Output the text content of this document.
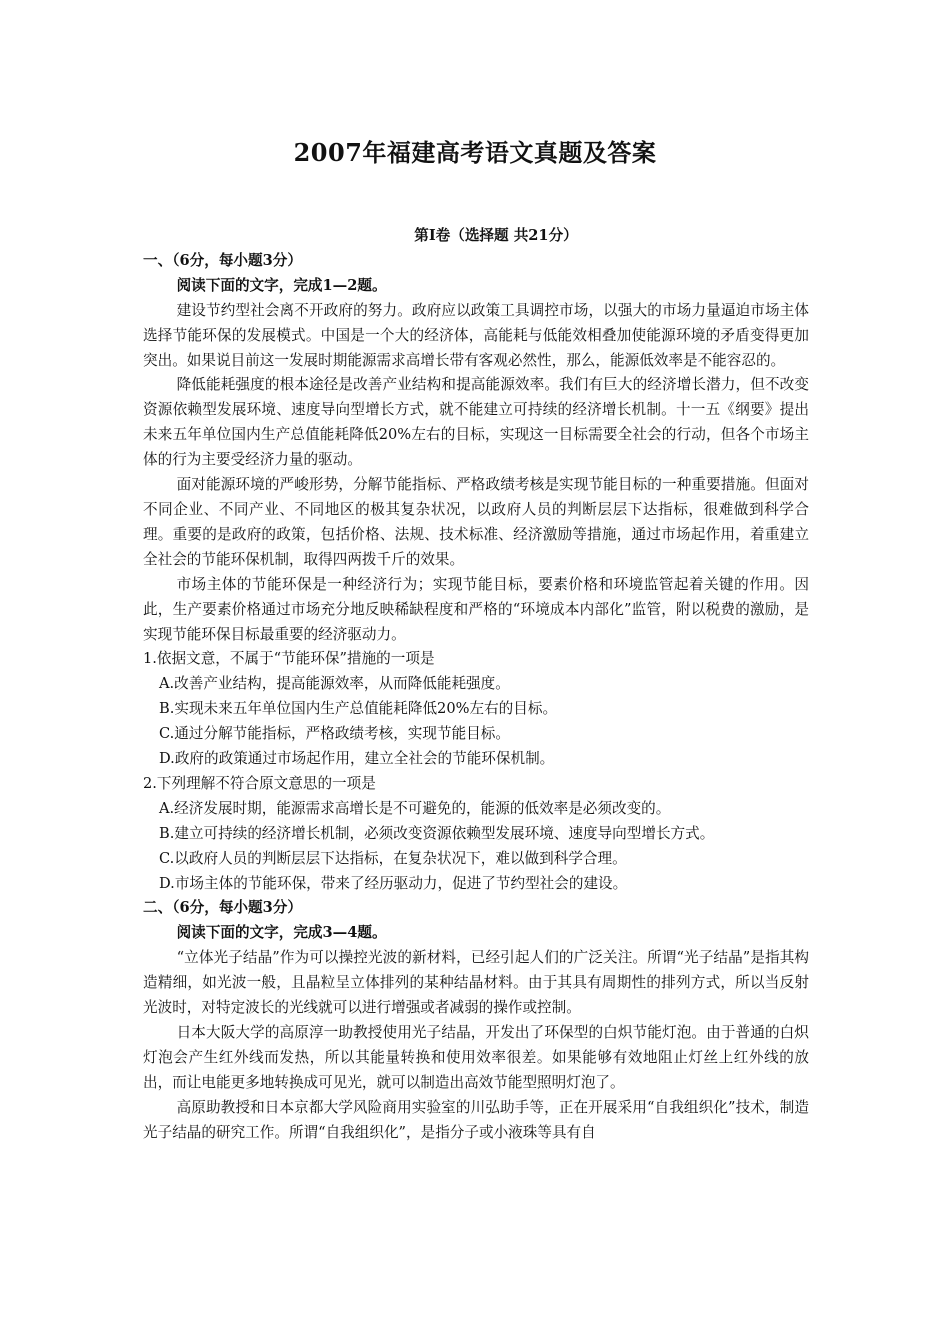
2007年福建高考语文真题及答案

第Ⅰ卷（选择题 共21分）

一、（6分，每小题3分）

阅读下面的文字，完成1—2题。

建设节约型社会离不开政府的努力。政府应以政策工具调控市场，以强大的市场力量逼迫市场主体选择节能环保的发展模式。中国是一个大的经济体，高能耗与低能效相叠加使能源环境的矛盾变得更加突出。如果说目前这一发展时期能源需求高增长带有客观必然性，那么，能源低效率是不能容忍的。

降低能耗强度的根本途径是改善产业结构和提高能源效率。我们有巨大的经济增长潜力，但不改变资源依赖型发展环境、速度导向型增长方式，就不能建立可持续的经济增长机制。十一五《纲要》提出未来五年单位国内生产总值能耗降低20%左右的目标，实现这一目标需要全社会的行动，但各个市场主体的行为主要受经济力量的驱动。

面对能源环境的严峻形势，分解节能指标、严格政绩考核是实现节能目标的一种重要措施。但面对不同企业、不同产业、不同地区的极其复杂状况，以政府人员的判断层层下达指标，很难做到科学合理。重要的是政府的政策，包括价格、法规、技术标准、经济激励等措施，通过市场起作用，着重建立全社会的节能环保机制，取得四两拨千斤的效果。

市场主体的节能环保是一种经济行为；实现节能目标，要素价格和环境监管起着关键的作用。因此，生产要素价格通过市场充分地反映稀缺程度和严格的“环境成本内部化”监管，附以税费的激励，是实现节能环保目标最重要的经济驱动力。

1.依据文意，不属于“节能环保”措施的一项是

A.改善产业结构，提高能源效率，从而降低能耗强度。

B.实现未来五年单位国内生产总值能耗降低20%左右的目标。

C.通过分解节能指标，严格政绩考核，实现节能目标。

D.政府的政策通过市场起作用，建立全社会的节能环保机制。

2.下列理解不符合原文意思的一项是

A.经济发展时期，能源需求高增长是不可避免的，能源的低效率是必须改变的。

B.建立可持续的经济增长机制，必须改变资源依赖型发展环境、速度导向型增长方式。

C.以政府人员的判断层层下达指标，在复杂状况下，难以做到科学合理。

D.市场主体的节能环保，带来了经历驱动力，促进了节约型社会的建设。

二、（6分，每小题3分）

阅读下面的文字，完成3—4题。

“立体光子结晶”作为可以操控光波的新材料，已经引起人们的广泛关注。所谓“光子结晶”是指其构造精细，如光波一般，且晶粒呈立体排列的某种结晶材料。由于其具有周期性的排列方式，所以当反射光波时，对特定波长的光线就可以进行增强或者减弱的操作或控制。

日本大阪大学的高原淳一助教授使用光子结晶，开发出了环保型的白炽节能灯泡。由于普通的白炽灯泡会产生红外线而发热，所以其能量转换和使用效率很差。如果能够有效地阻止灯丝上红外线的放出，而让电能更多地转换成可见光，就可以制造出高效节能型照明灯泡了。

高原助教授和日本京都大学风险商用实验室的川弘助手等，正在开展采用“自我组织化”技术，制造光子结晶的研究工作。所谓“自我组织化”，是指分子或小液珠等具有自
